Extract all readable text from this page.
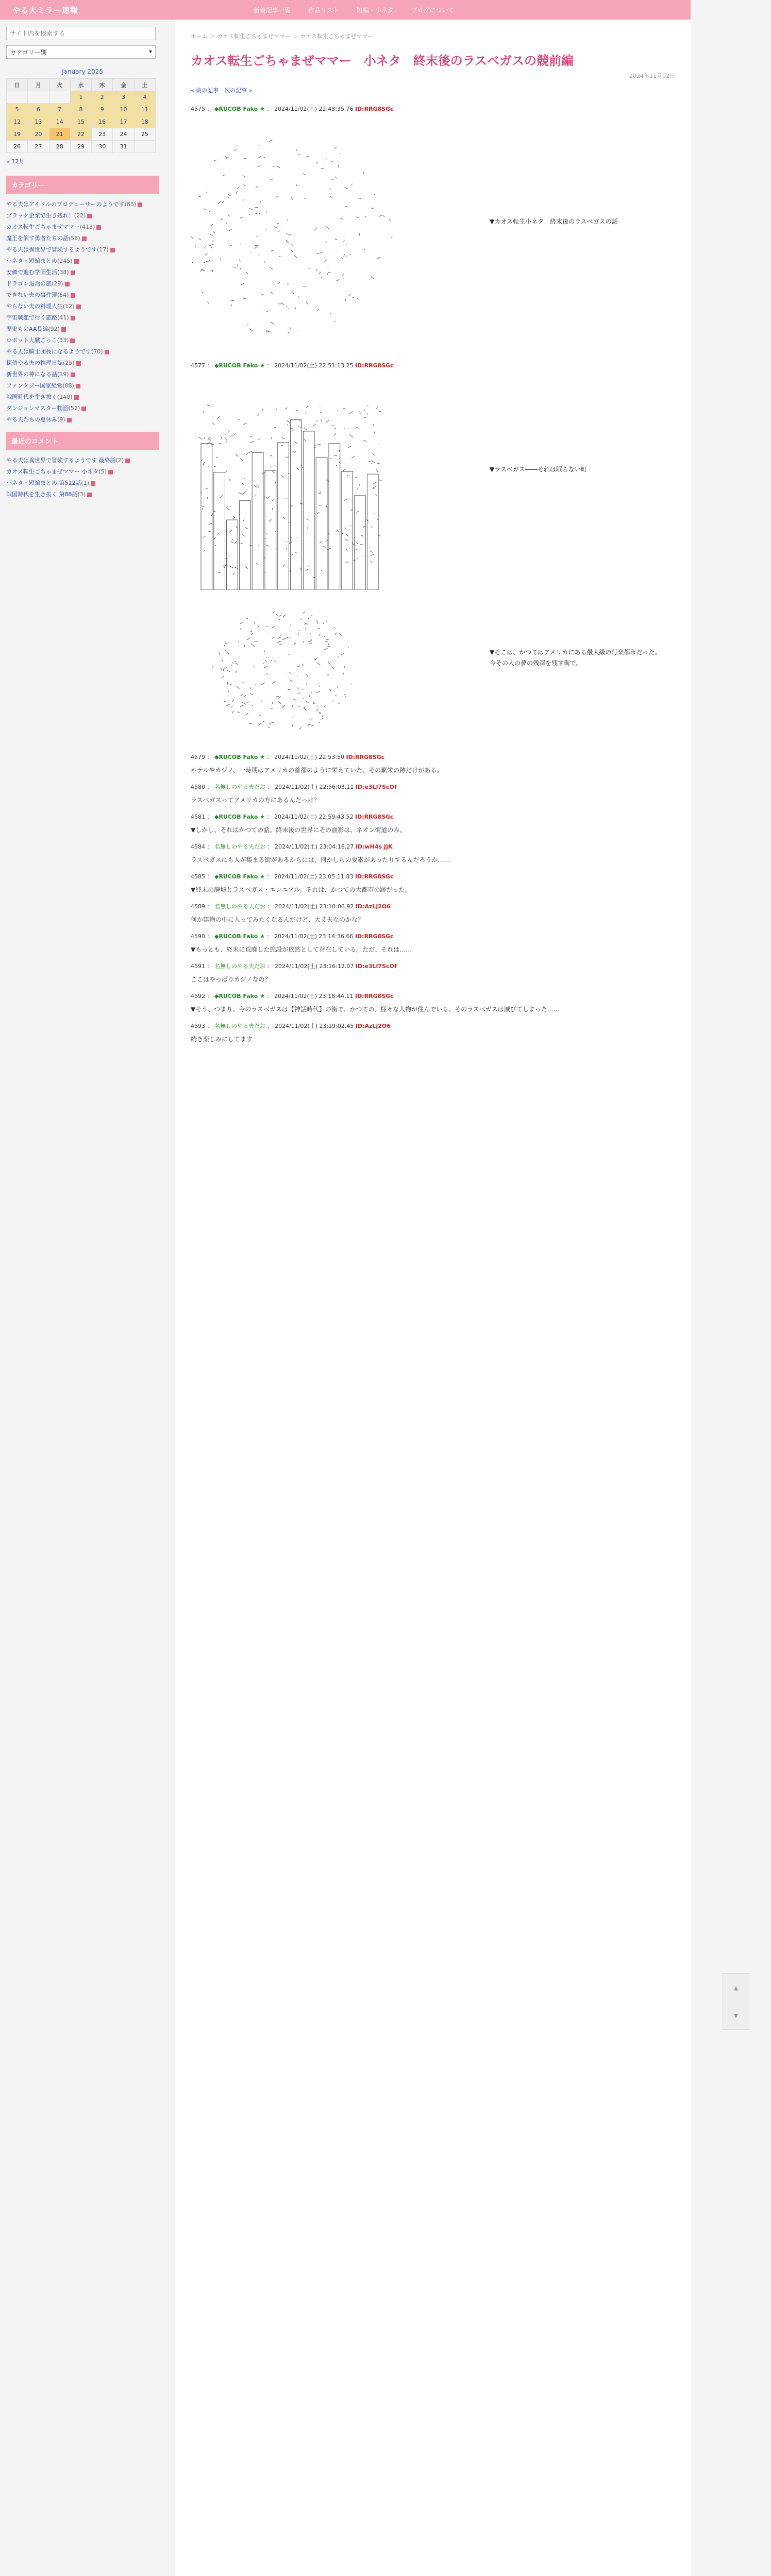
やる夫ミラー速報	新着記事一覧	作品リスト	短編・小ネタ	ブログについて
サイト内を検索する
カテゴリー別	▾
January 2025
日	月	火	水	木	金	土
			1	2	3	4
5	6	7	8	9	10	11
12	13	14	15	16	17	18
19	20	21	22	23	24	25
26	27	28	29	30	31	
« 12月
カテゴリー
やる夫はアイドルのプロデューサーのようです(83)
ブラック企業で生き残れ！(22)
カオス転生ごちゃまぜママー(413)
魔王を倒す勇者たちの話(56)
やる夫は異世界で冒険するようです(17)
小ネタ・短編まとめ(245)
安価で進む学園生活(38)
ドラゴン退治の旅(29)
できない夫の事件簿(64)
やらない夫の料理人生(12)
宇宙戦艦で行く旅路(41)
歴史ものAA長編(92)
ロボット大戦ごっこ(33)
やる夫は騎士団長になるようです(70)
探偵やる夫の推理日誌(25)
新世界の神になる話(19)
ファンタジー国家経営(88)
戦国時代を生き抜く(140)
ダンジョンマスター物語(52)
やる夫たちの夏休み(9)
最近のコメント
やる夫は異世界で冒険するようです 最終話(2)
カオス転生ごちゃまぜママー 小ネタ(5)
小ネタ・短編まとめ 第512話(1)
戦国時代を生き抜く 第88話(3)
ホーム ＞ カオス転生ごちゃまぜママー ＞ カオス転生ごちゃまぜママー
カオス転生ごちゃまぜママー　小ネタ　終末後のラスベガスの競前編
2024年11月02日
« 前の記事　次の記事 »
4575 ： ◆RUCOB Fako ★ ： 2024/11/02(土) 22:48:35.76 ID:RRG8SGc
▼カオス転生小ネタ　終末後のラスベガスの話
4577 ： ◆RUCOB Fako ★ ： 2024/11/02(土) 22:51:13.25 ID:RRG8SGc
▼ラスベガス――それは眠らない町
▼そこは、かつてはアメリカにある最大級の行楽都市だった。今その人の夢の残滓を残す街で。
4579 ： ◆RUCOB Fako ★ ： 2024/11/02(土) 22:53:50 ID:RRG8SGc
ホテルやカジノ、一時期はアメリカの首都のように栄えていた、その繁栄の跡だけがある。
4580 ： 名無しのやる夫だお ： 2024/11/02(土) 22:56:03.11 ID:e3Ll7ScOf
ラスベガスってアメリカの方にあるんだっけ？
4581 ： ◆RUCOB Fako ★ ： 2024/11/02(土) 22:59:43.52 ID:RRG8SGc
▼しかし、それはかつての話。終末後の世界にその面影は、ネオン街道のみ。
4584 ： 名無しのやる夫だお ： 2024/11/02(土) 23:04:16.27 ID:wH4s JJK
ラスベガスにも人が集まる街があるからには、何かしらの要素があったりするんだろうか……
4585 ： ◆RUCOB Fako ★ ： 2024/11/02(土) 23:05:11.83 ID:RRG8SGc
▼終末の廃墟とラスベガス・エンニアル。それは、かつての大都市の跡だった。
4589 ： 名無しのやる夫だお ： 2024/11/02(土) 23:10:06.92 ID:AzLj2O6
何か建物の中に入ってみたくなるんだけど、大丈夫なのかな？
4590 ： ◆RUCOB Fako ★ ： 2024/11/02(土) 23:14:36.66 ID:RRG8SGc
▼もっとも、終末に荒廃した施設が依然として存在している。ただ、それは……
4591 ： 名無しのやる夫だお ： 2024/11/02(土) 23:16:12.07 ID:e3Ll7ScOf
ここはやっぱりカジノなの？
4592 ： ◆RUCOB Fako ★ ： 2024/11/02(土) 23:18:44.11 ID:RRG8SGc
▼そう、つまり、今のラスベガスは【神話時代】の街で、かつての、様々な人物が住んでいる、そのラスベガスは滅びてしまった……
4593 ： 名無しのやる夫だお ： 2024/11/02(土) 23:19:02.45 ID:AzLj2O6
続き楽しみにしてます
▲
▼
